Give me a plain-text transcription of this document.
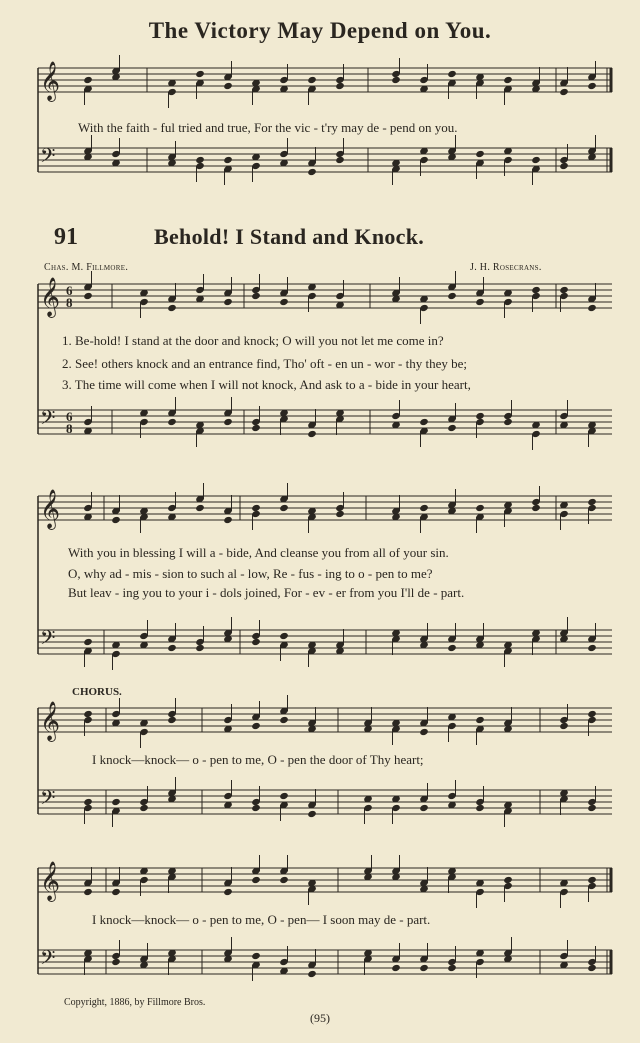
𝄞
𝄢
𝄞
𝄢
𝄞
𝄢
𝄞
𝄢
𝄞
𝄢
6
8
6
8
The Victory May Depend on You.
With the faith - ful tried and true, For the vic - t'ry may de - pend on you.
91	Behold! I Stand and Knock.
Chas. M. Fillmore.	J. H. Rosecrans.
1. Be-hold! I stand at the door and knock; O will you not let me come in?
2. See! others knock and an entrance find, Tho' oft - en un - wor - thy they be;
3. The time will come when I will not knock, And ask to a - bide in your heart,
With you in blessing I will a - bide, And cleanse you from all of your sin.
O, why ad - mis - sion to such al - low, Re - fus - ing to o - pen to me?
But leav - ing you to your i - dols joined, For - ev - er from you I'll de - part.
CHORUS.
I knock—knock— o - pen to me, O - pen the door of Thy heart;
I knock—knock— o - pen to me, O - pen— I soon may de - part.
Copyright, 1886, by Fillmore Bros.
(95)
